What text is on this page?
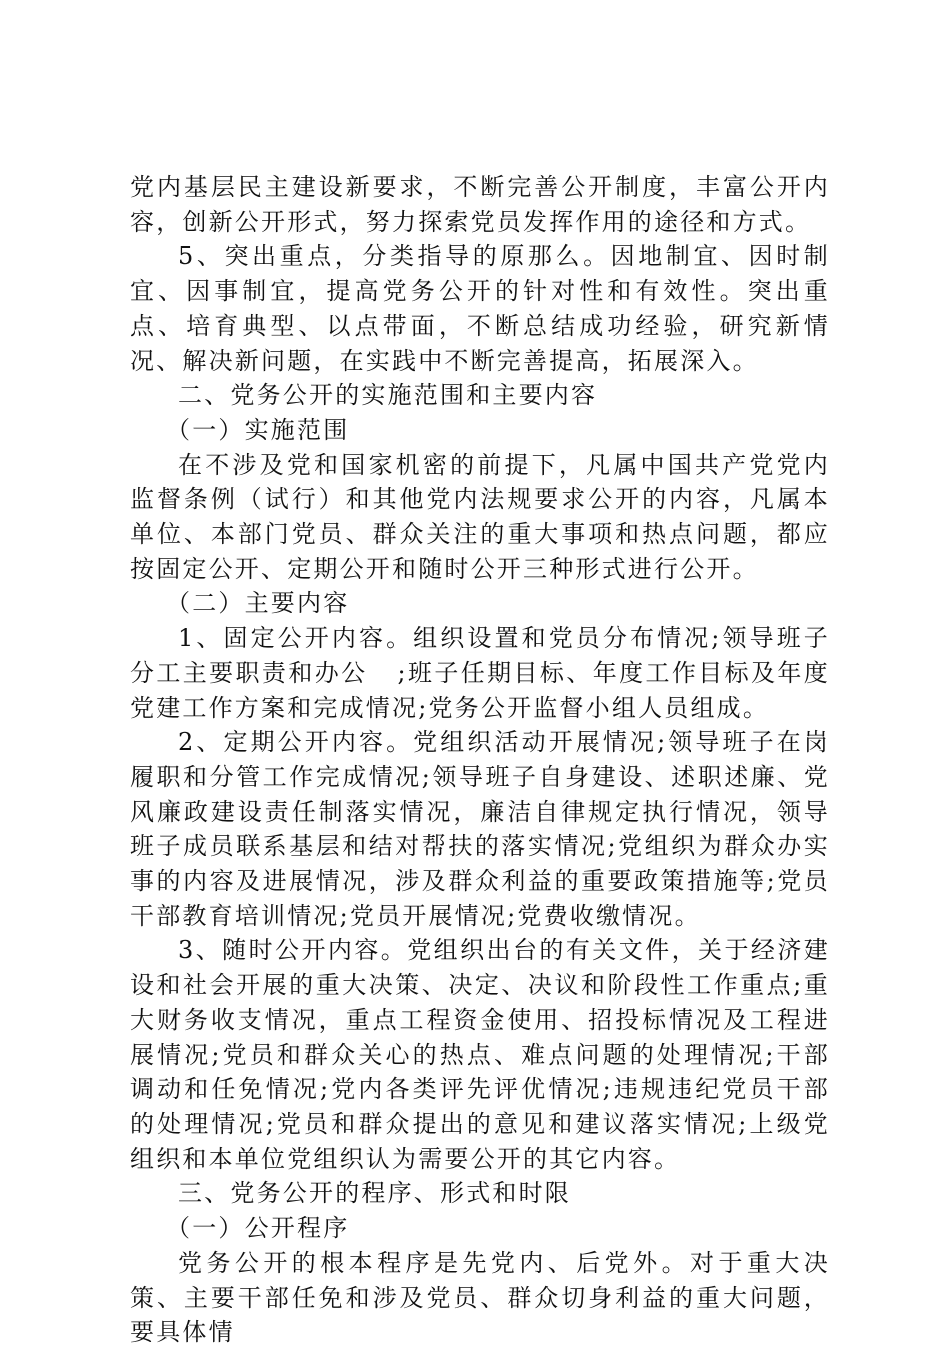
党内基层民主建设新要求，不断完善公开制度，丰富公开内容，创新公开形式，努力探索党员发挥作用的途径和方式。

5、突出重点，分类指导的原那么。因地制宜、因时制宜、因事制宜，提高党务公开的针对性和有效性。突出重点、培育典型、以点带面，不断总结成功经验，研究新情况、解决新问题，在实践中不断完善提高，拓展深入。

二、党务公开的实施范围和主要内容

（一）实施范围

在不涉及党和国家机密的前提下，凡属中国共产党党内监督条例（试行）和其他党内法规要求公开的内容，凡属本单位、本部门党员、群众关注的重大事项和热点问题，都应按固定公开、定期公开和随时公开三种形式进行公开。

（二）主要内容

1、固定公开内容。组织设置和党员分布情况;领导班子分工主要职责和办公   ;班子任期目标、年度工作目标及年度党建工作方案和完成情况;党务公开监督小组人员组成。

2、定期公开内容。党组织活动开展情况;领导班子在岗履职和分管工作完成情况;领导班子自身建设、述职述廉、党风廉政建设责任制落实情况，廉洁自律规定执行情况，领导班子成员联系基层和结对帮扶的落实情况;党组织为群众办实事的内容及进展情况，涉及群众利益的重要政策措施等;党员干部教育培训情况;党员开展情况;党费收缴情况。

3、随时公开内容。党组织出台的有关文件，关于经济建设和社会开展的重大决策、决定、决议和阶段性工作重点;重大财务收支情况，重点工程资金使用、招投标情况及工程进展情况;党员和群众关心的热点、难点问题的处理情况;干部调动和任免情况;党内各类评先评优情况;违规违纪党员干部的处理情况;党员和群众提出的意见和建议落实情况;上级党组织和本单位党组织认为需要公开的其它内容。

三、党务公开的程序、形式和时限

（一）公开程序

党务公开的根本程序是先党内、后党外。对于重大决策、主要干部任免和涉及党员、群众切身利益的重大问题，要具体情
